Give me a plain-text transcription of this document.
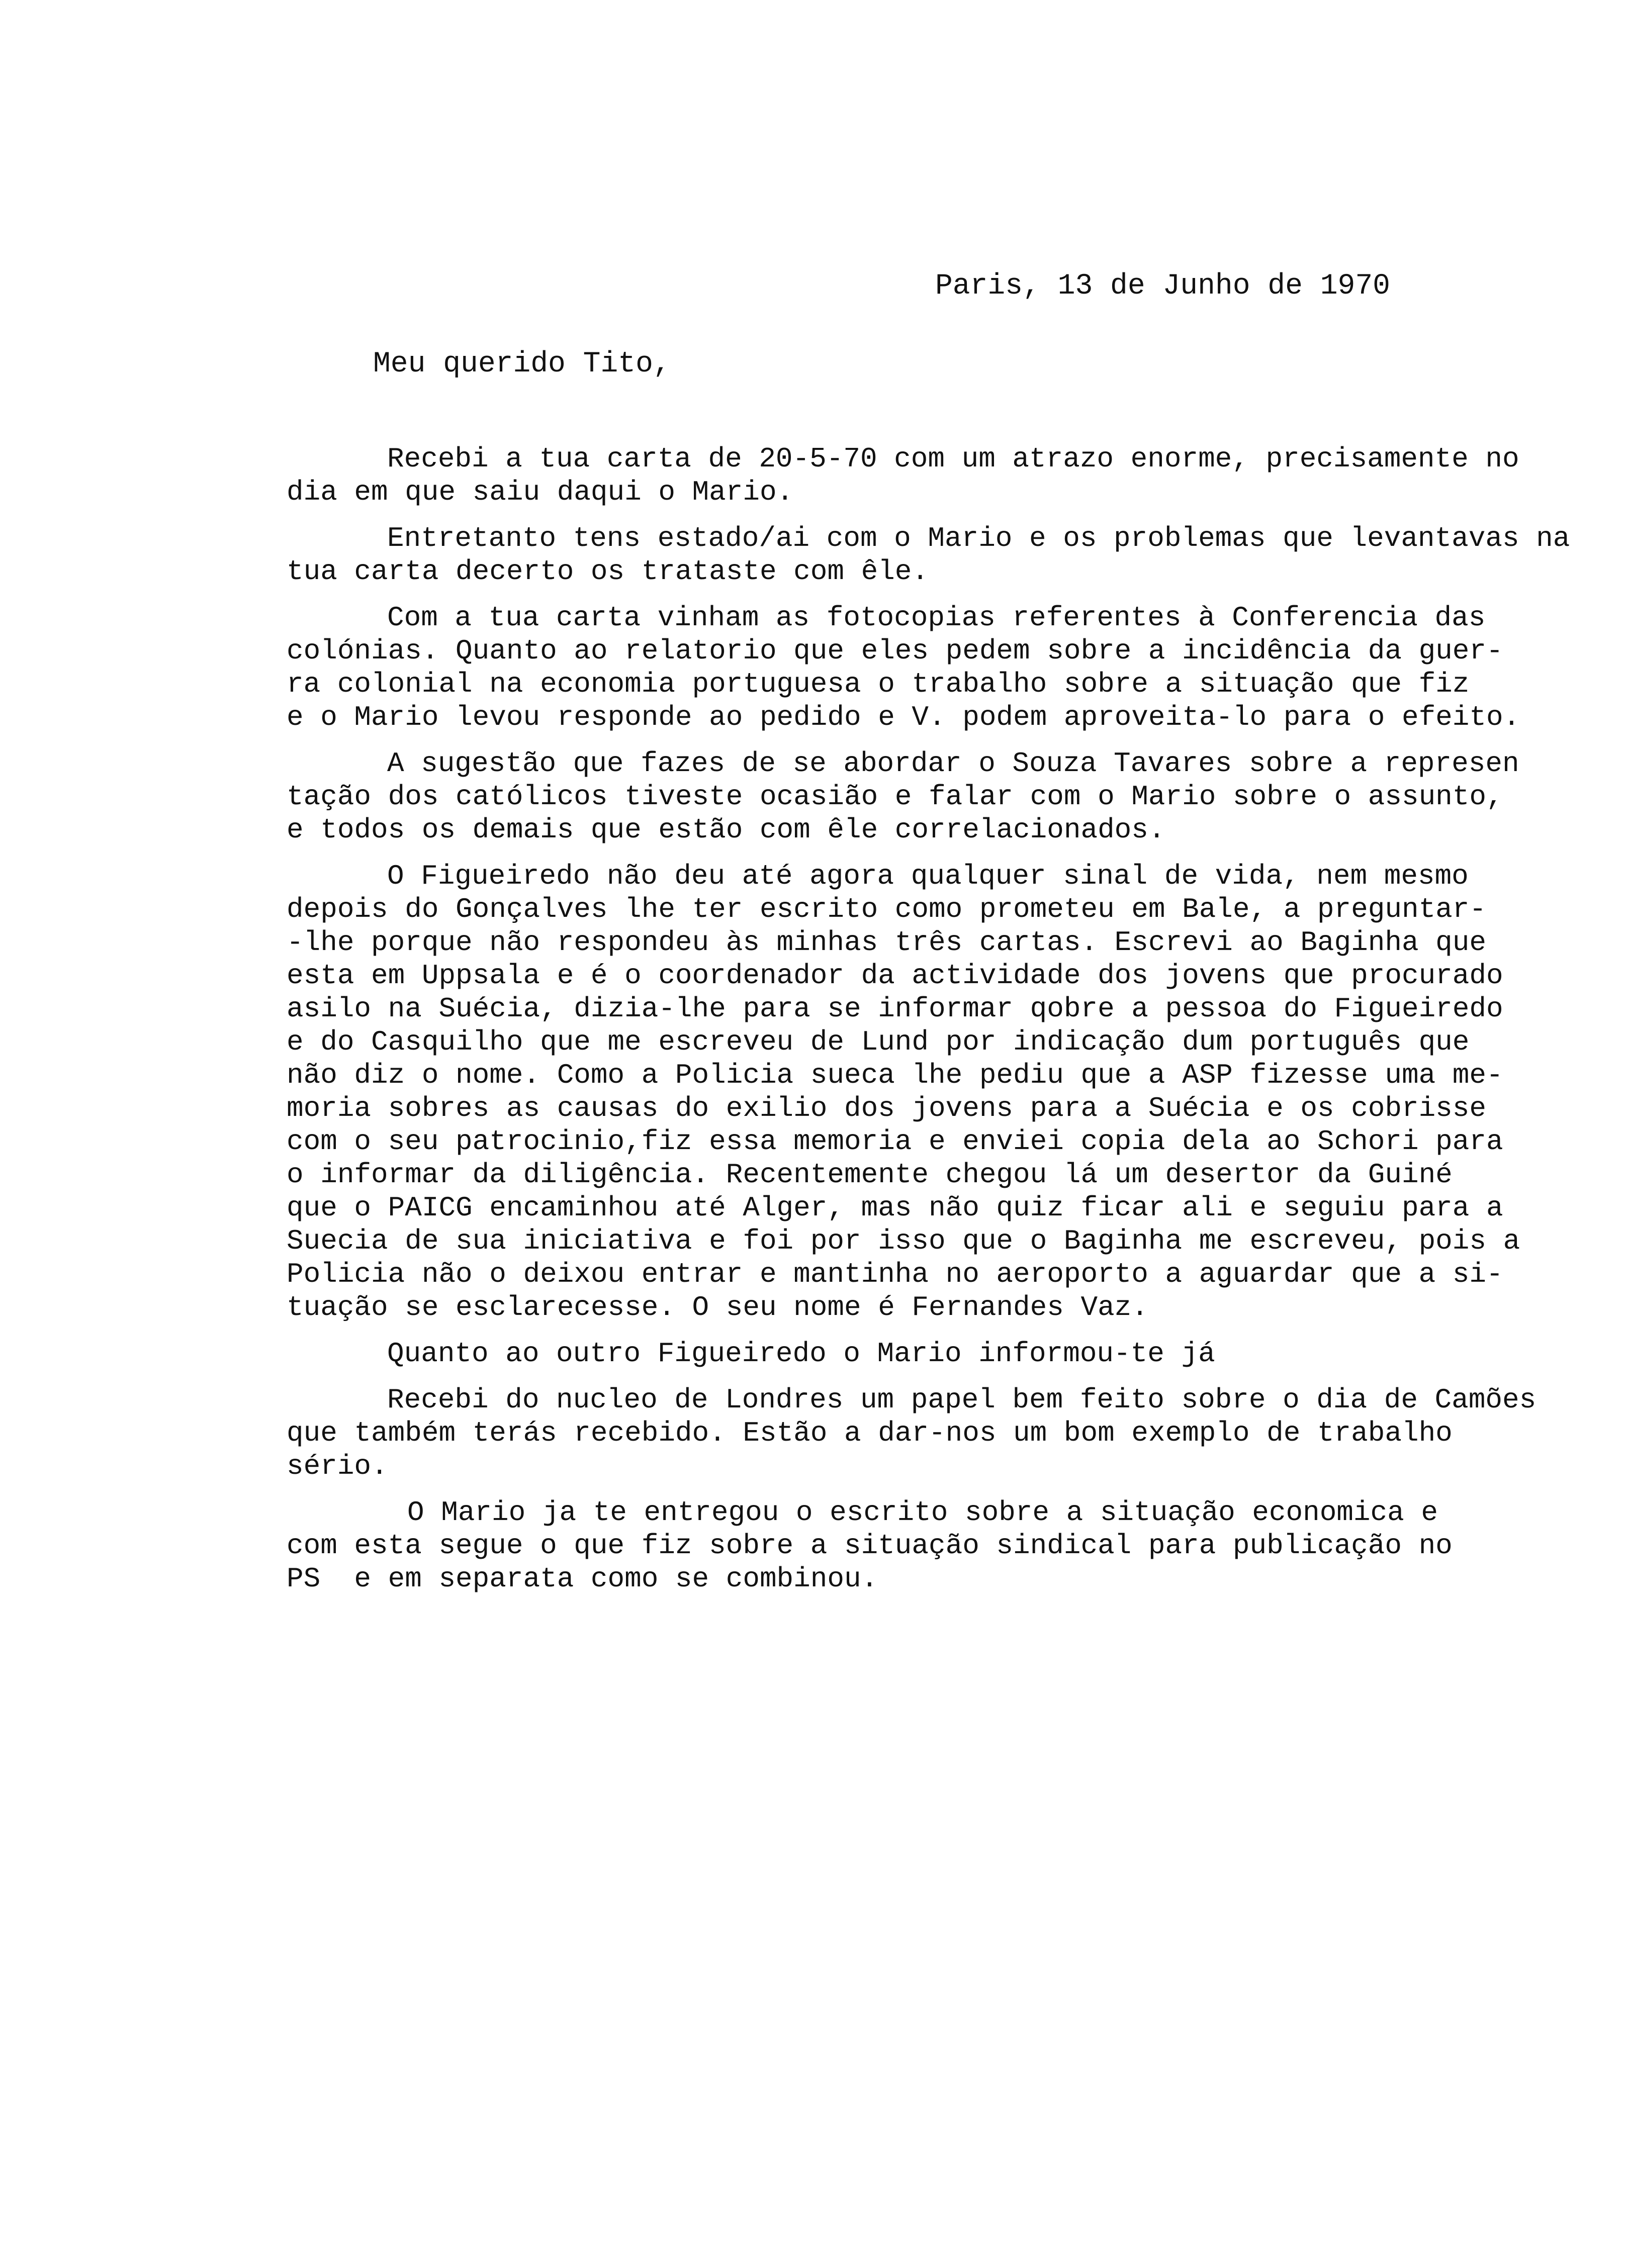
Paris, 13 de Junho de 1970
Meu querido Tito,
Recebi a tua carta de 20-5-70 com um atrazo enorme, precisamente no
dia em que saiu daqui o Mario.
Entretanto tens estado/ai com o Mario e os problemas que levantavas na
tua carta decerto os trataste com êle.
Com a tua carta vinham as fotocopias referentes à Conferencia das
colónias. Quanto ao relatorio que eles pedem sobre a incidência da guer-
ra colonial na economia portuguesa o trabalho sobre a situação que fiz
e o Mario levou responde ao pedido e V. podem aproveita-lo para o efeito.
A sugestão que fazes de se abordar o Souza Tavares sobre a represen
tação dos católicos tiveste ocasião e falar com o Mario sobre o assunto,
e todos os demais que estão com êle correlacionados.
O Figueiredo não deu até agora qualquer sinal de vida, nem mesmo
depois do Gonçalves lhe ter escrito como prometeu em Bale, a preguntar-
-lhe porque não respondeu às minhas três cartas. Escrevi ao Baginha que
esta em Uppsala e é o coordenador da actividade dos jovens que procurado
asilo na Suécia, dizia-lhe para se informar qobre a pessoa do Figueiredo
e do Casquilho que me escreveu de Lund por indicação dum português que
não diz o nome. Como a Policia sueca lhe pediu que a ASP fizesse uma me-
moria sobres as causas do exilio dos jovens para a Suécia e os cobrisse
com o seu patrocinio,fiz essa memoria e enviei copia dela ao Schori para
o informar da diligência. Recentemente chegou lá um desertor da Guiné
que o PAICG encaminhou até Alger, mas não quiz ficar ali e seguiu para a
Suecia de sua iniciativa e foi por isso que o Baginha me escreveu, pois a
Policia não o deixou entrar e mantinha no aeroporto a aguardar que a si-
tuação se esclarecesse. O seu nome é Fernandes Vaz.
Quanto ao outro Figueiredo o Mario informou-te já
Recebi do nucleo de Londres um papel bem feito sobre o dia de Camões
que também terás recebido. Estão a dar-nos um bom exemplo de trabalho
sério.
O Mario ja te entregou o escrito sobre a situação economica e
com esta segue o que fiz sobre a situação sindical para publicação no
PS  e em separata como se combinou.
